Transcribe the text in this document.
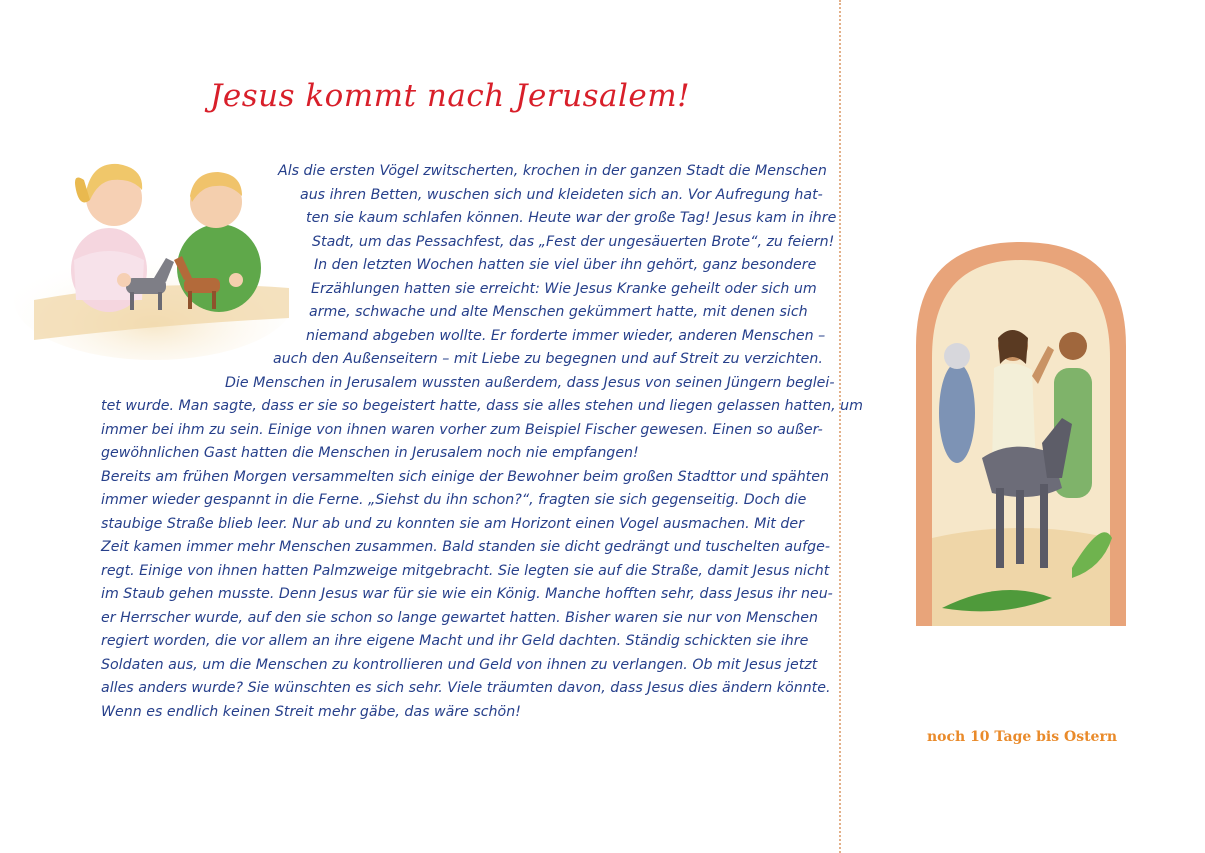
Jesus kommt nach Jerusalem!
Als die ersten Vögel zwitscherten, krochen in der ganzen Stadt die Menschen
aus ihren Betten, wuschen sich und kleideten sich an. Vor Aufregung hat-
ten sie kaum schlafen können. Heute war der große Tag! Jesus kam in ihre
Stadt, um das Pessachfest, das „Fest der ungesäuerten Brote“, zu feiern!
In den letzten Wochen hatten sie viel über ihn gehört, ganz besondere
Erzählungen hatten sie erreicht: Wie Jesus Kranke geheilt oder sich um
arme, schwache und alte Menschen gekümmert hatte, mit denen sich
niemand abgeben wollte. Er forderte immer wieder, anderen Menschen –
auch den Außenseitern – mit Liebe zu begegnen und auf Streit zu verzichten.
Die Menschen in Jerusalem wussten außerdem, dass Jesus von seinen Jüngern beglei-
tet wurde. Man sagte, dass er sie so begeistert hatte, dass sie alles stehen und liegen gelassen hatten, um
immer bei ihm zu sein. Einige von ihnen waren vorher zum Beispiel Fischer gewesen. Einen so außer-
gewöhnlichen Gast hatten die Menschen in Jerusalem noch nie empfangen!
Bereits am frühen Morgen versammelten sich einige der Bewohner beim großen Stadttor und spähten
immer wieder gespannt in die Ferne. „Siehst du ihn schon?“, fragten sie sich gegenseitig. Doch die
staubige Straße blieb leer. Nur ab und zu konnten sie am Horizont einen Vogel ausmachen. Mit der
Zeit kamen immer mehr Menschen zusammen. Bald standen sie dicht gedrängt und tuschelten aufge-
regt. Einige von ihnen hatten Palmzweige mitgebracht. Sie legten sie auf die Straße, damit Jesus nicht
im Staub gehen musste. Denn Jesus war für sie wie ein König. Manche hofften sehr, dass Jesus ihr neu-
er Herrscher wurde, auf den sie schon so lange gewartet hatten. Bisher waren sie nur von Menschen
regiert worden, die vor allem an ihre eigene Macht und ihr Geld dachten. Ständig schickten sie ihre
Soldaten aus, um die Menschen zu kontrollieren und Geld von ihnen zu verlangen. Ob mit Jesus jetzt
alles anders wurde? Sie wünschten es sich sehr. Viele träumten davon, dass Jesus dies ändern könnte.
Wenn es endlich keinen Streit mehr gäbe, das wäre schön!
noch 10 Tage bis Ostern
